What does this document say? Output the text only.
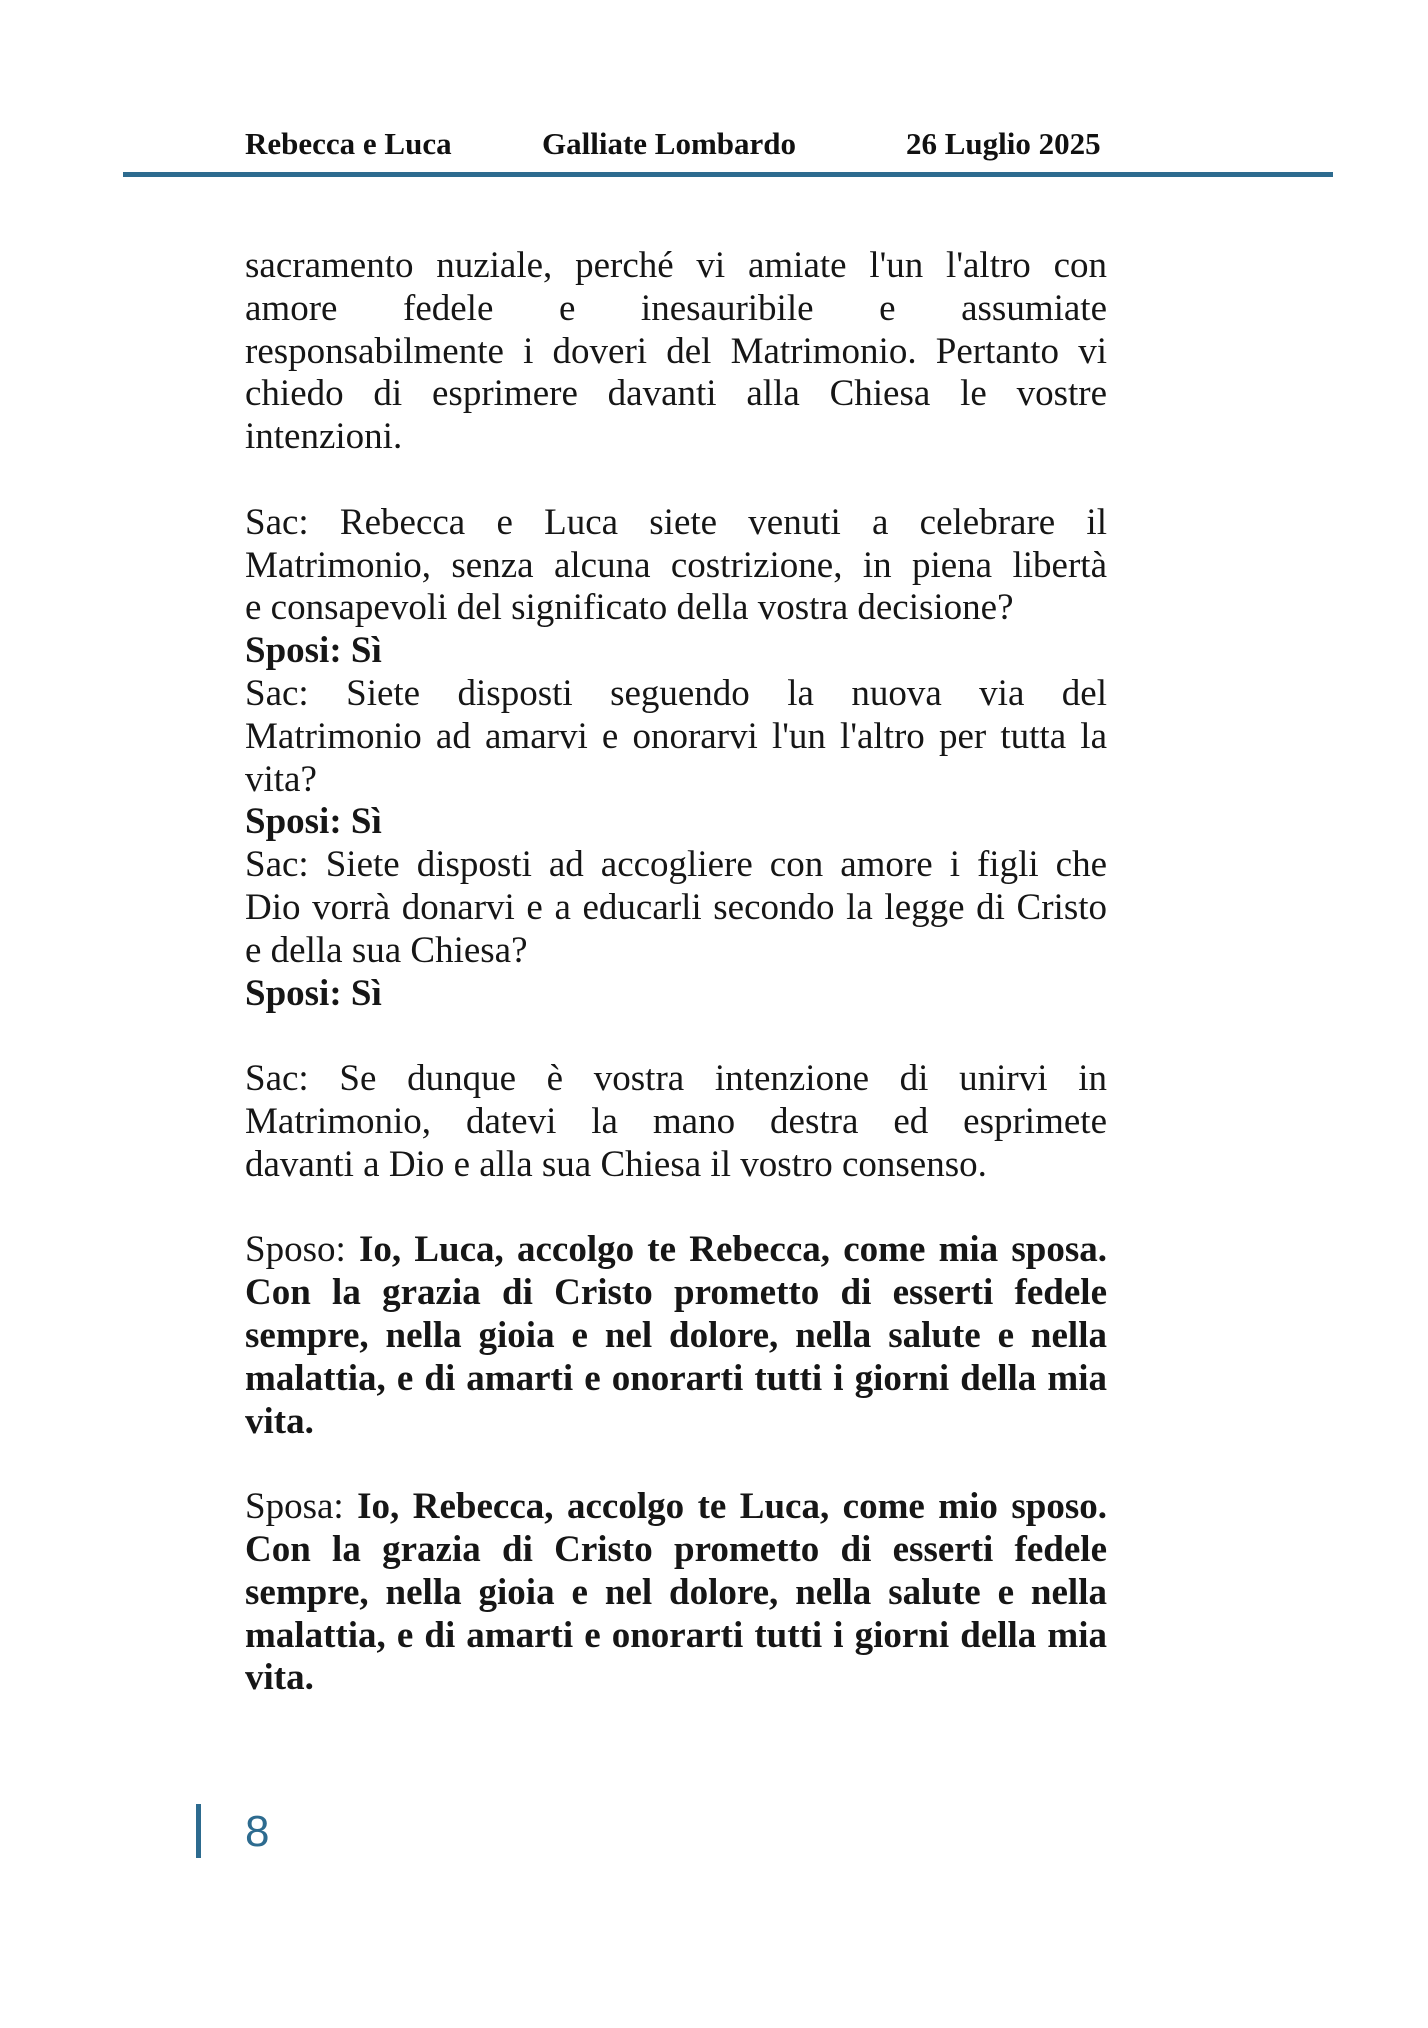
Rebecca e Luca	Galliate Lombardo	26 Luglio 2025
sacramento nuziale, perché vi amiate l'un l'altro con
amore fedele e inesauribile e assumiate
responsabilmente i doveri del Matrimonio. Pertanto vi
chiedo di esprimere davanti alla Chiesa le vostre
intenzioni.
Sac: Rebecca e Luca siete venuti a celebrare il
Matrimonio, senza alcuna costrizione, in piena libertà
e consapevoli del significato della vostra decisione?
Sposi: Sì
Sac: Siete disposti seguendo la nuova via del
Matrimonio ad amarvi e onorarvi l'un l'altro per tutta la
vita?
Sposi: Sì
Sac: Siete disposti ad accogliere con amore i figli che
Dio vorrà donarvi e a educarli secondo la legge di Cristo
e della sua Chiesa?
Sposi: Sì
Sac: Se dunque è vostra intenzione di unirvi in
Matrimonio, datevi la mano destra ed esprimete
davanti a Dio e alla sua Chiesa il vostro consenso.
Sposo: Io, Luca, accolgo te Rebecca, come mia sposa.
Con la grazia di Cristo prometto di esserti fedele
sempre, nella gioia e nel dolore, nella salute e nella
malattia, e di amarti e onorarti tutti i giorni della mia
vita.
Sposa: Io, Rebecca, accolgo te Luca, come mio sposo.
Con la grazia di Cristo prometto di esserti fedele
sempre, nella gioia e nel dolore, nella salute e nella
malattia, e di amarti e onorarti tutti i giorni della mia
vita.
8
